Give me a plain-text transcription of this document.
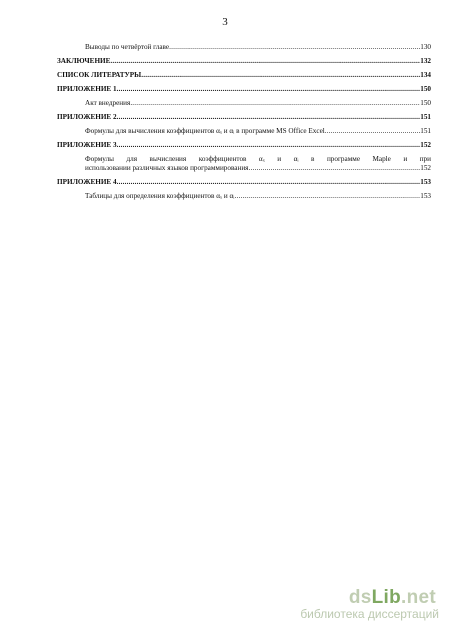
3
Выводы по четвёртой главе .....	130
ЗАКЛЮЧЕНИЕ .....	132
СПИСОК ЛИТЕРАТУРЫ .....	134
ПРИЛОЖЕНИЕ 1 .....	150
Акт внедрения .....	150
ПРИЛОЖЕНИЕ 2 .....	151
Формулы для вычисления коэффициентов αₓ и αᵢ в программе MS Office Excel .....	151
ПРИЛОЖЕНИЕ 3 .....	152
Формулы для вычисления коэффициентов αₓ и αᵢ в программе Maple и при
использовании различных языков программирования .....	152
ПРИЛОЖЕНИЕ 4 .....	153
Таблицы для определения коэффициентов αₓ и αᵢ .....	153
dsLib.net
библиотека диссертаций
